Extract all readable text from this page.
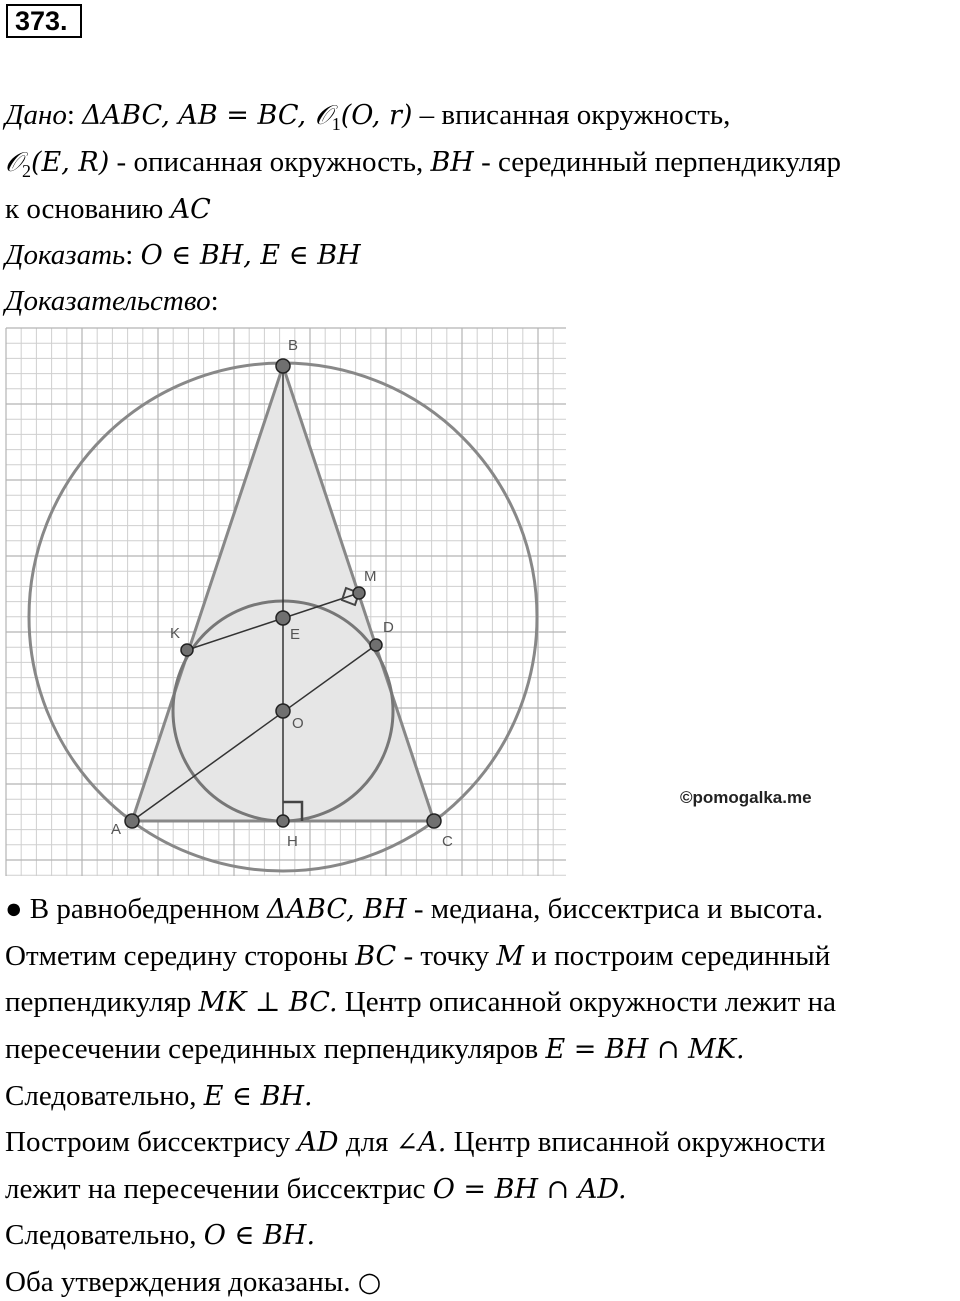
373.
Дано: ΔABC, AB = BC, 𝒪$_1$(O, r) – вписанная окружность,
𝒪$_2$(E, R) - описанная окружность, BH - серединный перпендикуляр
к основанию AC
Доказать: O ∈ BH, E ∈ BH
Доказательство:
B
M
E
K	D
O
A
H	C
©pomogalka.me
● В равнобедренном ΔABC, BH - медиана, биссектриса и высота.
Отметим середину стороны BC - точку M и построим серединный
перпендикуляр MK ⊥ BC. Центр описанной окружности лежит на
пересечении серединных перпендикуляров E = BH ∩ MK.
Следовательно, E ∈ BH.
Построим биссектрису AD для ∠A. Центр вписанной окружности
лежит на пересечении биссектрис O = BH ∩ AD.
Следовательно, O ∈ BH.
Оба утверждения доказаны. ○
